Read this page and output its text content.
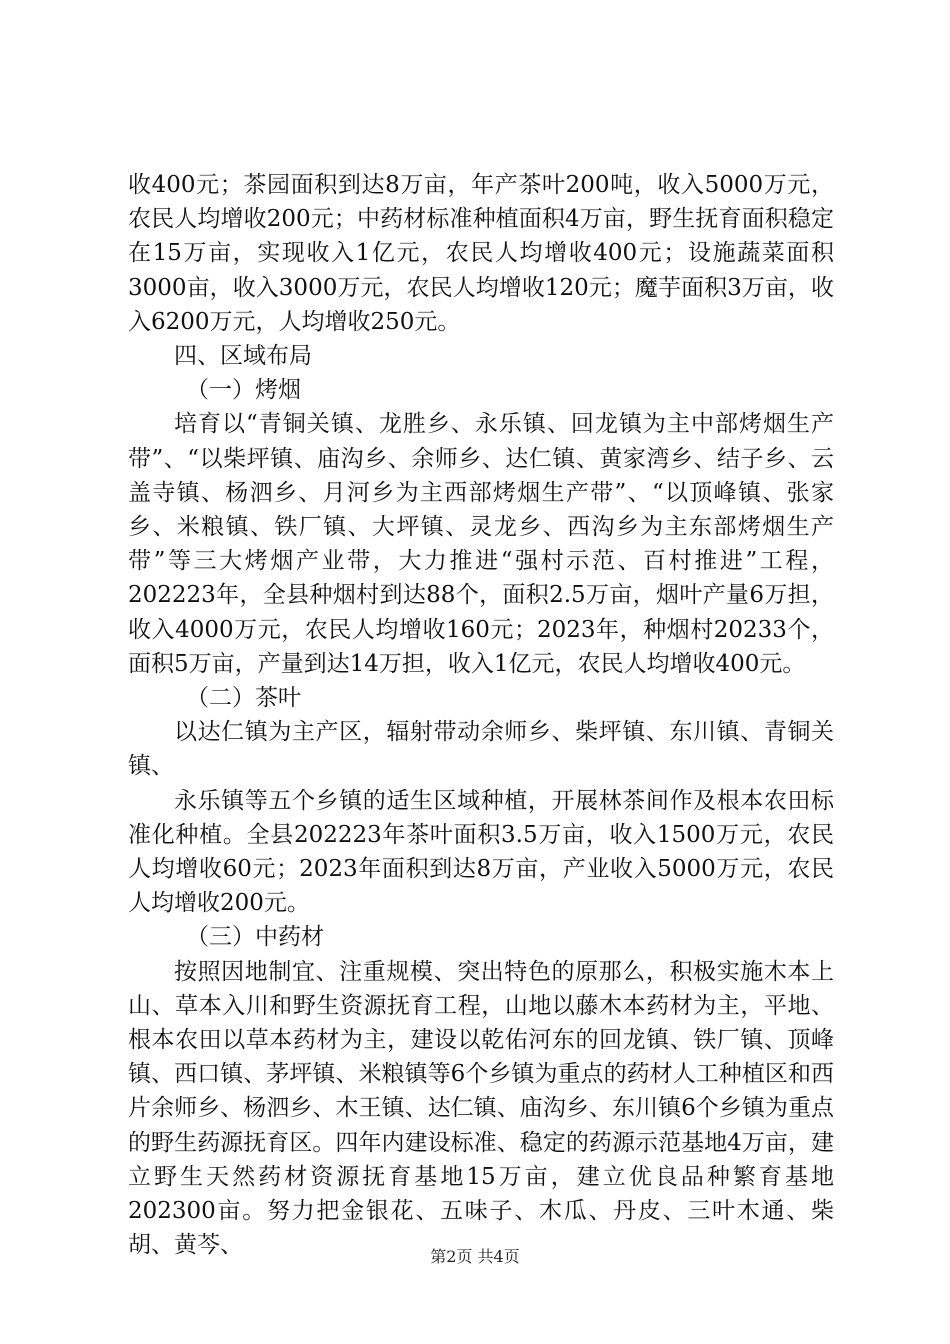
收400元；茶园面积到达8万亩，年产茶叶200吨，收入5000万元，农民人均增收200元；中药材标准种植面积4万亩，野生抚育面积稳定在15万亩，实现收入1亿元，农民人均增收400元；设施蔬菜面积3000亩，收入3000万元，农民人均增收120元；魔芋面积3万亩，收入6200万元，人均增收250元。

四、区域布局

（一）烤烟

培育以“青铜关镇、龙胜乡、永乐镇、回龙镇为主中部烤烟生产带”、“以柴坪镇、庙沟乡、余师乡、达仁镇、黄家湾乡、结子乡、云盖寺镇、杨泗乡、月河乡为主西部烤烟生产带”、“以顶峰镇、张家乡、米粮镇、铁厂镇、大坪镇、灵龙乡、西沟乡为主东部烤烟生产带”等三大烤烟产业带，大力推进“强村示范、百村推进”工程，202223年，全县种烟村到达88个，面积2.5万亩，烟叶产量6万担，收入4000万元，农民人均增收160元；2023年，种烟村20233个，面积5万亩，产量到达14万担，收入1亿元，农民人均增收400元。

（二）茶叶

以达仁镇为主产区，辐射带动余师乡、柴坪镇、东川镇、青铜关镇、

永乐镇等五个乡镇的适生区域种植，开展林茶间作及根本农田标准化种植。全县202223年茶叶面积3.5万亩，收入1500万元，农民人均增收60元；2023年面积到达8万亩，产业收入5000万元，农民人均增收200元。

（三）中药材

按照因地制宜、注重规模、突出特色的原那么，积极实施木本上山、草本入川和野生资源抚育工程，山地以藤木本药材为主，平地、根本农田以草本药材为主，建设以乾佑河东的回龙镇、铁厂镇、顶峰镇、西口镇、茅坪镇、米粮镇等6个乡镇为重点的药材人工种植区和西片余师乡、杨泗乡、木王镇、达仁镇、庙沟乡、东川镇6个乡镇为重点的野生药源抚育区。四年内建设标准、稳定的药源示范基地4万亩，建立野生天然药材资源抚育基地15万亩，建立优良品种繁育基地202300亩。努力把金银花、五味子、木瓜、丹皮、三叶木通、柴胡、黄芩、	第2页 共4页
